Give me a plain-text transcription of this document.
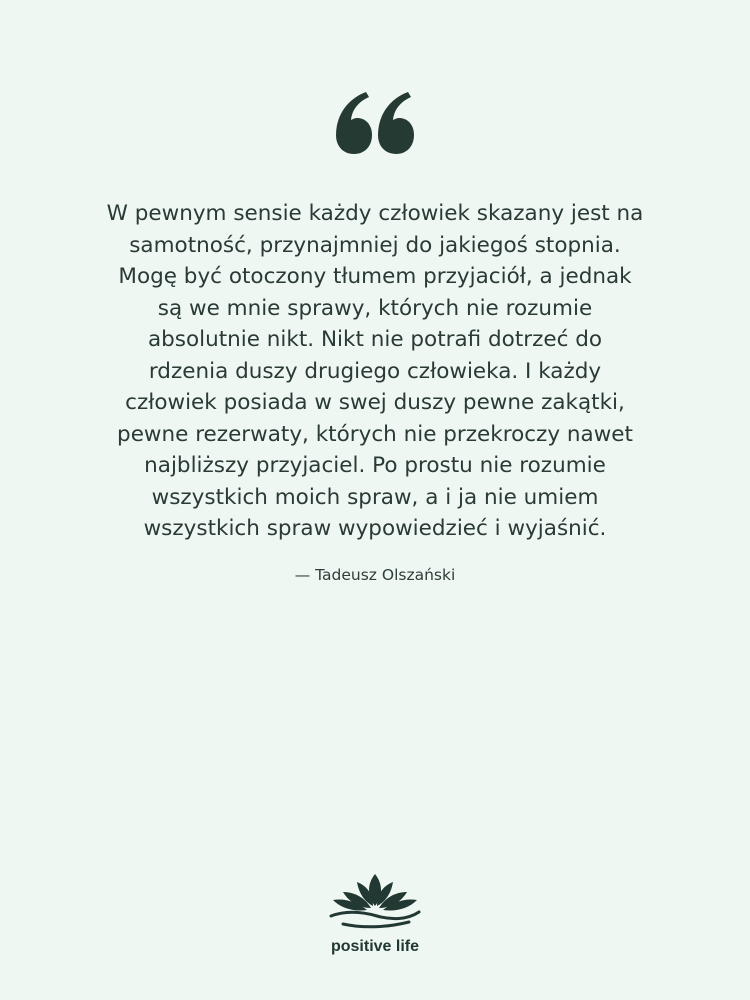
W pewnym sensie każdy człowiek skazany jest na
samotność, przynajmniej do jakiegoś stopnia.
Mogę być otoczony tłumem przyjaciół, a jednak
są we mnie sprawy, których nie rozumie
absolutnie nikt. Nikt nie potrafi dotrzeć do
rdzenia duszy drugiego człowieka. I każdy
człowiek posiada w swej duszy pewne zakątki,
pewne rezerwaty, których nie przekroczy nawet
najbliższy przyjaciel. Po prostu nie rozumie
wszystkich moich spraw, a i ja nie umiem
wszystkich spraw wypowiedzieć i wyjaśnić.

— Tadeusz Olszański
positive life
